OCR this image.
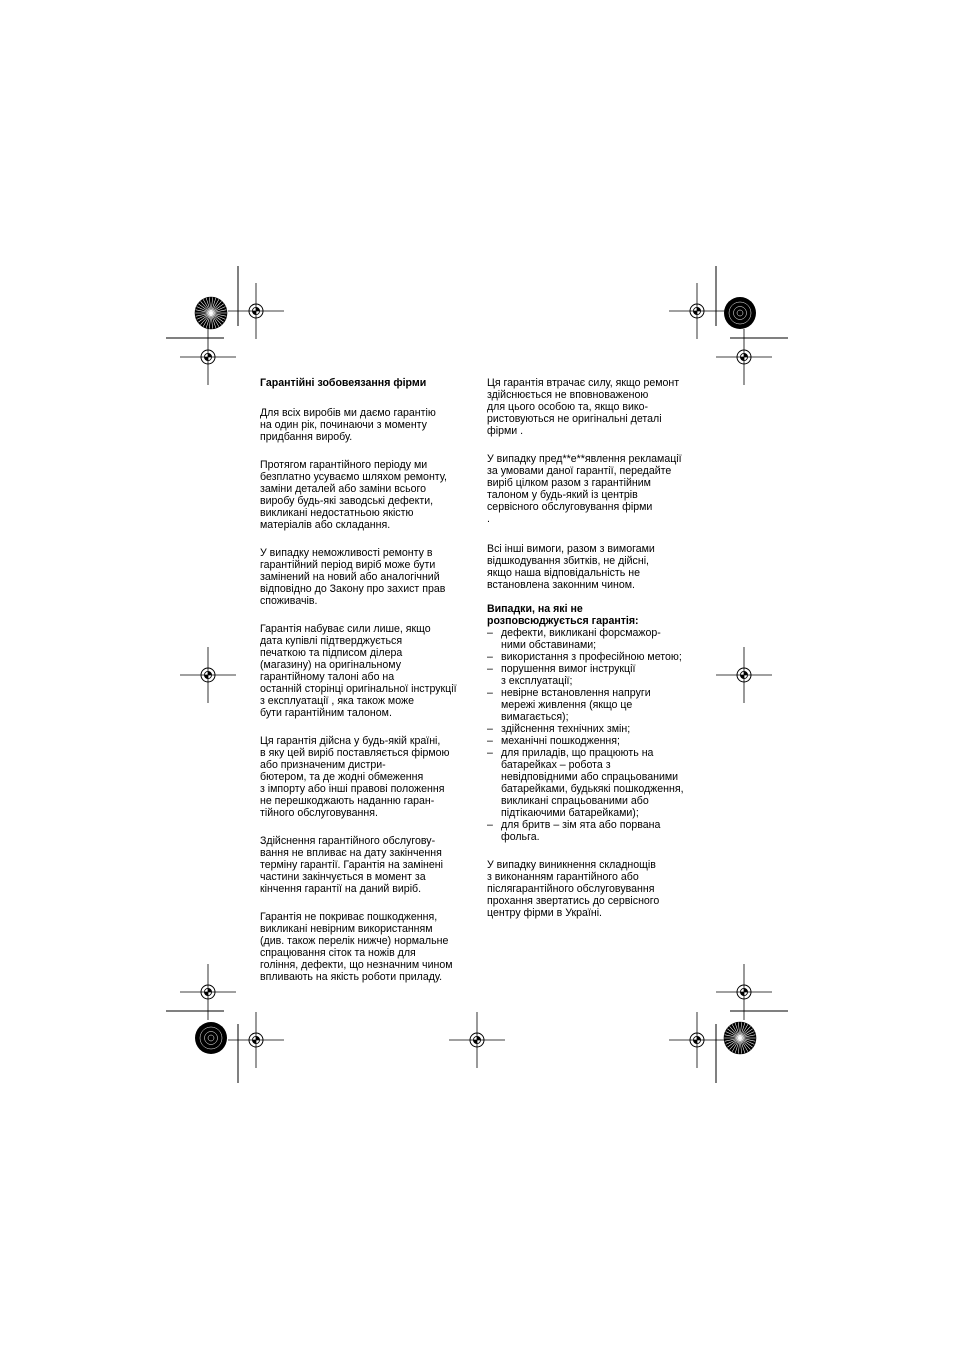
Гарантійні зобовеязання фірми

Для всіх виробів ми даємо гарантію
на один рік, починаючи з моменту
придбання виробу.

Протягом гарантійного періоду ми
безплатно усуваємо шляхом ремонту,
заміни деталей або заміни всього
виробу будь-які заводські дефекти,
викликані недостатньою якістю
матеріалів або складання.

У випадку неможливості ремонту в
гарантійний період виріб може бути
замінений на новий або аналогічний
відповідно до Закону про захист прав
споживачів.

Гарантія набуває сили лише, якщо
дата купівлі підтверджується
печаткою та підписом ділера
(магазину) на оригінальному
гарантійному талоні або на
останній сторінці оригінальної інструкції
з експлуатації , яка також може
бути гарантійним талоном.

Ця гарантія дійсна у будь-якій країні,
в яку цей виріб поставляється фірмою
або призначеним дистри-
бютером, та де жодні обмеження
з імпорту або інші правові положення
не перешкоджають наданню гаран-
тійного обслуговування.

Здійснення гарантійного обслугову-
вання не впливає на дату закінчення
терміну гарантії. Гарантія на замінені
частини закінчується в момент за
кінчення гарантії на даний виріб.

Гарантія не покриває пошкодження,
викликані невірним використанням
(див. також перелік нижче) нормальне
спрацювання сіток та ножів для
гоління, дефекти, що незначним чином
впливають на якість роботи приладу.

Ця гарантія втрачає силу, якщо ремонт
здійснюється не вповноваженою
для цього особою та, якщо вико-
ристовуються не оригінальні деталі
фірми .

У випадку пред**е**явлення рекламації
за умовами даної гарантії, передайте
виріб цілком разом з гарантійним
талоном у будь-який із центрів
сервісного обслуговування фірми
.

Всі інші вимоги, разом з вимогами
відшкодування збитків, не дійсні,
якщо наша відповідальність не
встановлена законним чином.

Випадки, на які не
розповсюджується гарантія:
– дефекти, викликані форсмажор-
ними обставинами;
– використання з професійною метою;
– порушення вимог інструкції
з експлуатації;
– невірне встановлення напруги
мережі живлення (якщо це
вимагається);
– здійснення технічних змін;
– механічні пошкодження;
– для приладів, що працюють на
батарейках – робота з
невідповідними або спрацьованими
батарейками, будькякі пошкодження,
викликані спрацьованими або
підтікаючими батарейками);
– для бритв – зім ята або порвана
фольга.

У випадку виникнення складнощів
з виконанням гарантійного або
післягарантійного обслуговування
прохання звертатись до сервісного
центру фірми в Україні.
